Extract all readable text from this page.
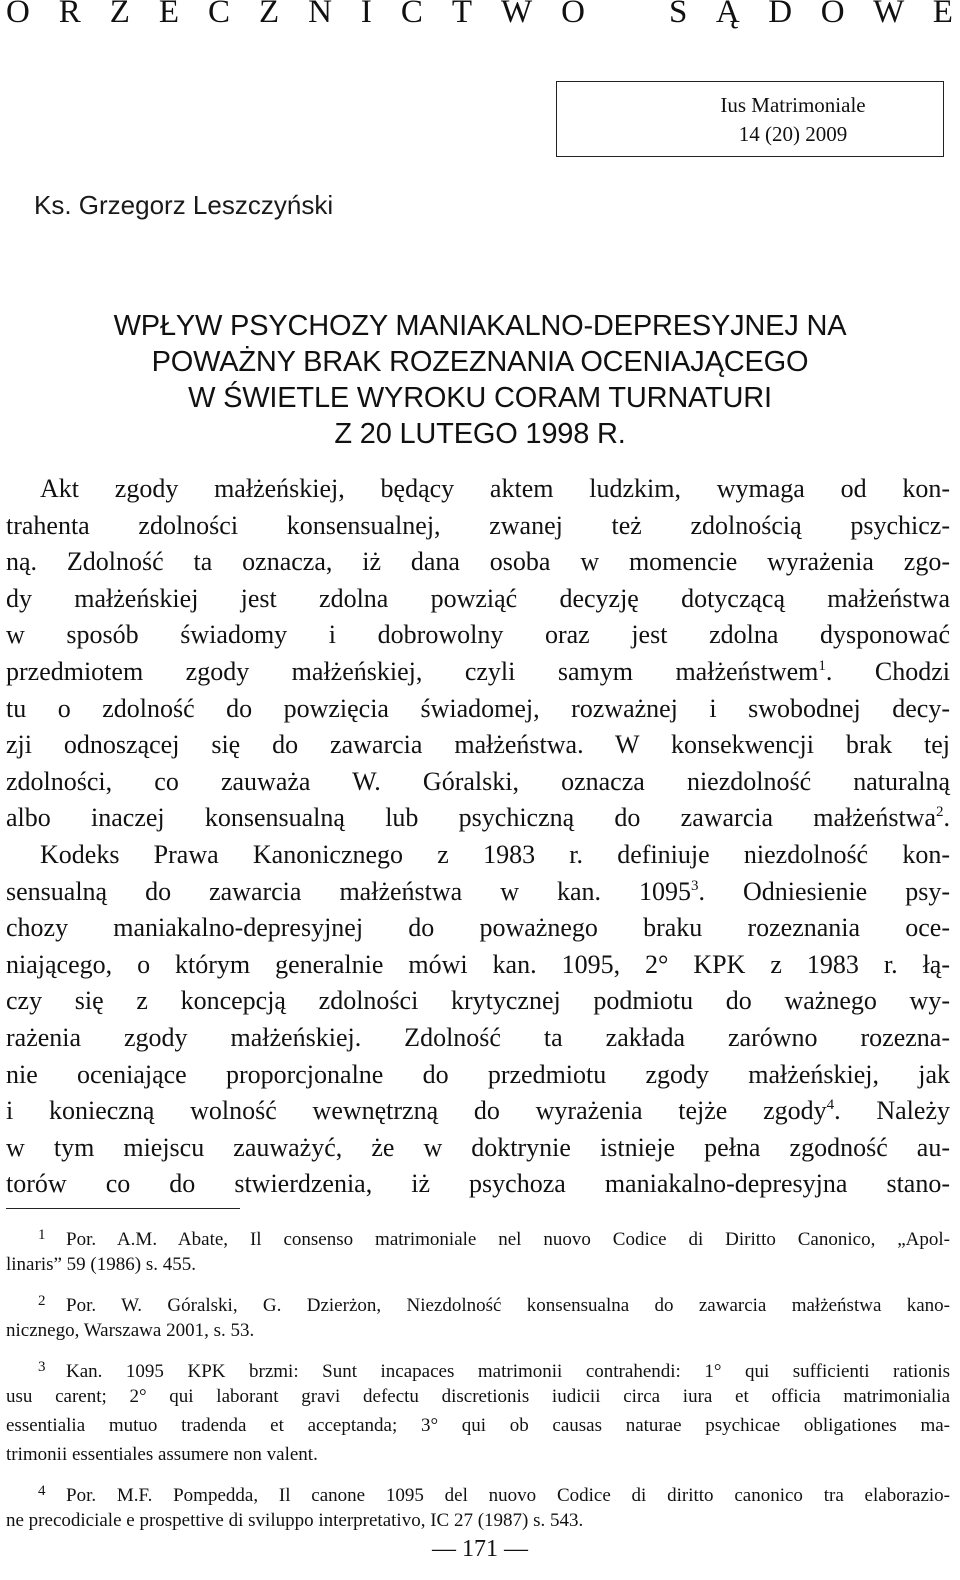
O R Z E C Z N I C T W O	S Ą D O W E
Ius Matrimoniale
14 (20) 2009
Ks. Grzegorz Leszczyński
WPŁYW PSYCHOZY MANIAKALNO-DEPRESYJNEJ NA
POWAŻNY BRAK ROZEZNANIA OCENIAJĄCEGO
W ŚWIETLE WYROKU CORAM TURNATURI
Z 20 LUTEGO 1998 R.
Akt zgody małżeńskiej, będący aktem ludzkim, wymaga od kon-
trahenta zdolności konsensualnej, zwanej też zdolnością psychicz-
ną. Zdolność ta oznacza, iż dana osoba w momencie wyrażenia zgo-
dy małżeńskiej jest zdolna powziąć decyzję dotyczącą małżeństwa
w sposób świadomy i dobrowolny oraz jest zdolna dysponować
przedmiotem zgody małżeńskiej, czyli samym małżeństwem$^1$. Chodzi
tu o zdolność do powzięcia świadomej, rozważnej i swobodnej decy-
zji odnoszącej się do zawarcia małżeństwa. W konsekwencji brak tej
zdolności, co zauważa W. Góralski, oznacza niezdolność naturalną
albo inaczej konsensualną lub psychiczną do zawarcia małżeństwa$^2$.
Kodeks Prawa Kanonicznego z 1983 r. definiuje niezdolność kon-
sensualną do zawarcia małżeństwa w kan. 1095$^3$. Odniesienie psy-
chozy maniakalno-depresyjnej do poważnego braku rozeznania oce-
niającego, o którym generalnie mówi kan. 1095, 2° KPK z 1983 r. łą-
czy się z koncepcją zdolności krytycznej podmiotu do ważnego wy-
rażenia zgody małżeńskiej. Zdolność ta zakłada zarówno rozezna-
nie oceniające proporcjonalne do przedmiotu zgody małżeńskiej, jak
i konieczną wolność wewnętrzną do wyrażenia tejże zgody$^4$. Należy
w tym miejscu zauważyć, że w doktrynie istnieje pełna zgodność au-
torów co do stwierdzenia, iż psychoza maniakalno-depresyjna stano-
1 Por. A.M. Abate, Il consenso matrimoniale nel nuovo Codice di Diritto Canonico, „Apol-
linaris” 59 (1986) s. 455.
2 Por. W. Góralski, G. Dzierżon, Niezdolność konsensualna do zawarcia małżeństwa kano-
nicznego, Warszawa 2001, s. 53.
3 Kan. 1095 KPK brzmi: Sunt incapaces matrimonii contrahendi: 1° qui sufficienti rationis
usu carent; 2° qui laborant gravi defectu discretionis iudicii circa iura et officia matrimonialia
essentialia mutuo tradenda et acceptanda; 3° qui ob causas naturae psychicae obligationes ma-
trimonii essentiales assumere non valent.
4 Por. M.F. Pompedda, Il canone 1095 del nuovo Codice di diritto canonico tra elaborazio-
ne precodiciale e prospettive di sviluppo interpretativo, IC 27 (1987) s. 543.
— 171 —
